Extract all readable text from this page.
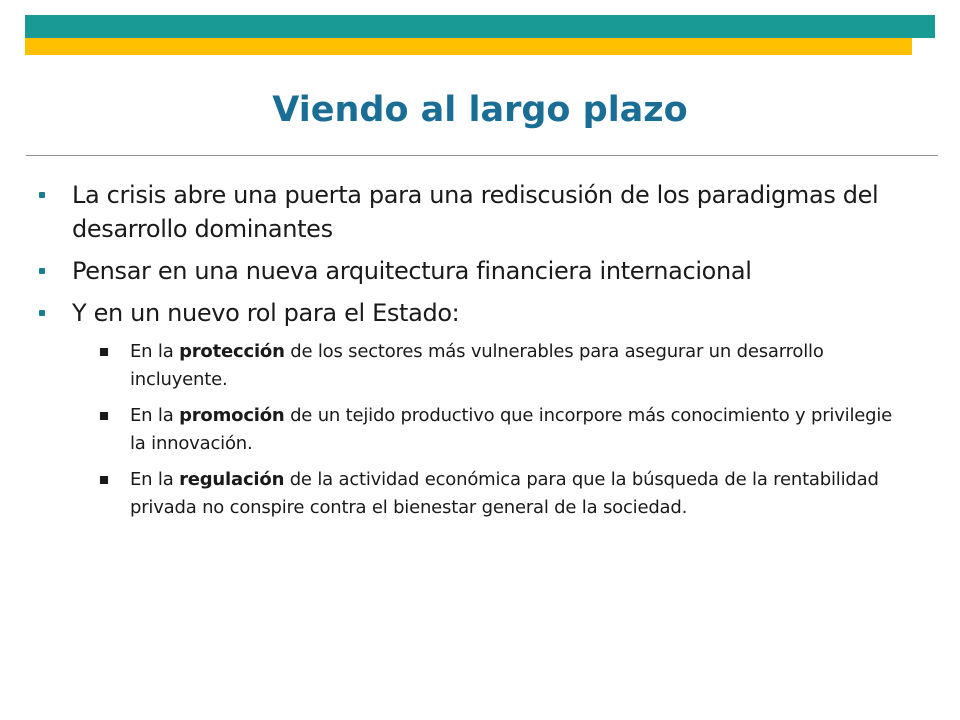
Viendo al largo plazo
La crisis abre una puerta para una rediscusión de los paradigmas del desarrollo dominantes
Pensar en una nueva arquitectura financiera internacional
Y en un nuevo rol para el Estado:
En la protección de los sectores más vulnerables para asegurar un desarrollo incluyente.
En la promoción de un tejido productivo que incorpore más conocimiento y privilegie la innovación.
En la regulación de la actividad económica para que la búsqueda de la rentabilidad privada no conspire contra el bienestar general de la sociedad.
